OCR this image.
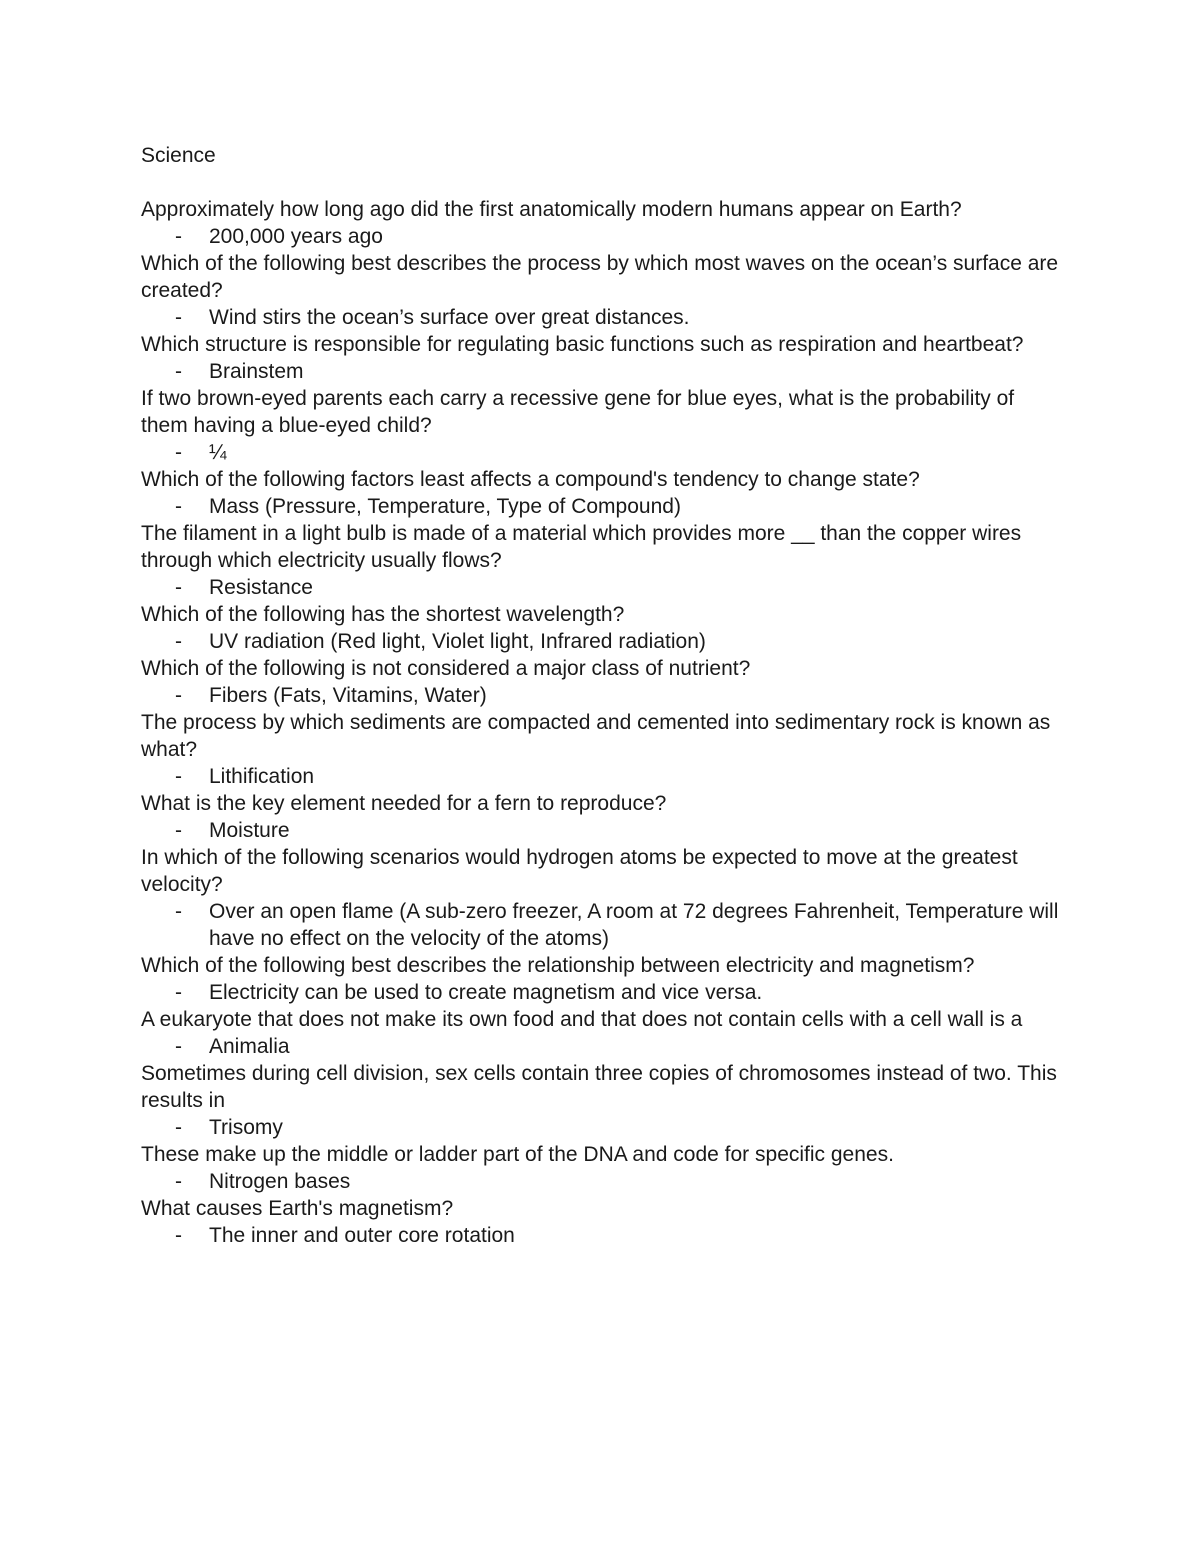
Science
Approximately how long ago did the first anatomically modern humans appear on Earth?
-	200,000 years ago
Which of the following best describes the process by which most waves on the ocean’s surface are created?
-	Wind stirs the ocean’s surface over great distances.
Which structure is responsible for regulating basic functions such as respiration and heartbeat?
-	Brainstem
If two brown-eyed parents each carry a recessive gene for blue eyes, what is the probability of them having a blue-eyed child?
-	¼
Which of the following factors least affects a compound's tendency to change state?
-	Mass (Pressure, Temperature, Type of Compound)
The filament in a light bulb is made of a material which provides more __ than the copper wires through which electricity usually flows?
-	Resistance
Which of the following has the shortest wavelength?
-	UV radiation (Red light, Violet light, Infrared radiation)
Which of the following is not considered a major class of nutrient?
-	Fibers (Fats, Vitamins, Water)
The process by which sediments are compacted and cemented into sedimentary rock is known as what?
-	Lithification
What is the key element needed for a fern to reproduce?
-	Moisture
In which of the following scenarios would hydrogen atoms be expected to move at the greatest velocity?
-	Over an open flame (A sub-zero freezer, A room at 72 degrees Fahrenheit, Temperature will have no effect on the velocity of the atoms)
Which of the following best describes the relationship between electricity and magnetism?
-	Electricity can be used to create magnetism and vice versa.
A eukaryote that does not make its own food and that does not contain cells with a cell wall is a
-	Animalia
Sometimes during cell division, sex cells contain three copies of chromosomes instead of two. This results in
-	Trisomy
These make up the middle or ladder part of the DNA and code for specific genes.
-	Nitrogen bases
What causes Earth's magnetism?
-	The inner and outer core rotation
